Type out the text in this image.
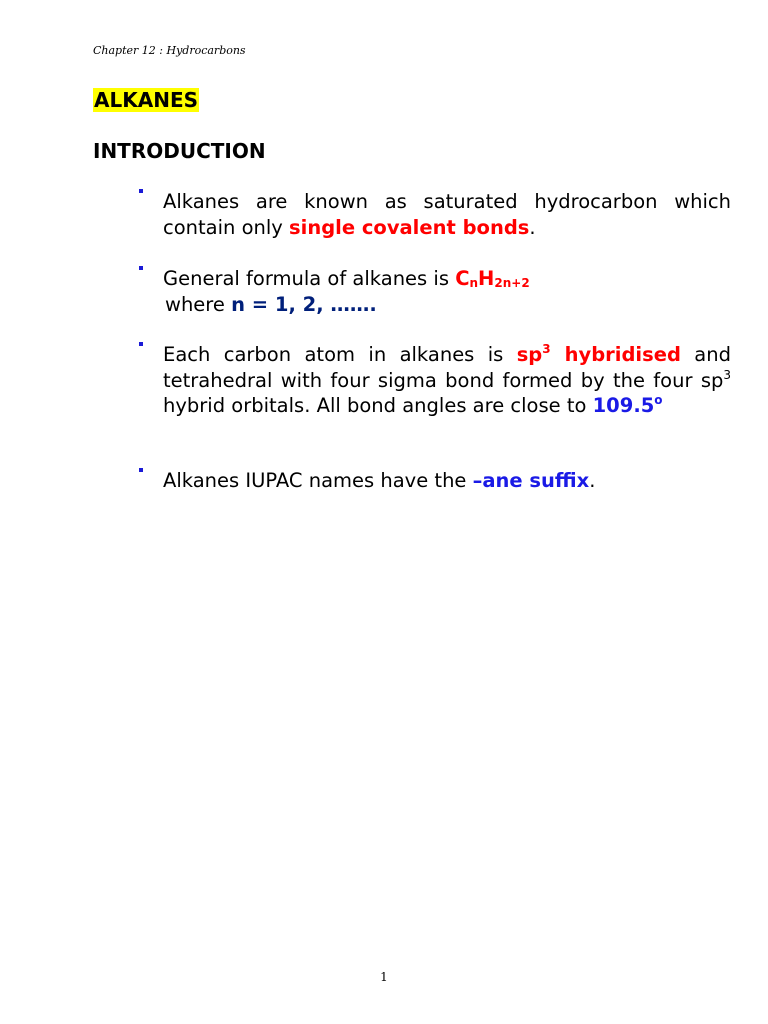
Chapter 12 : Hydrocarbons
ALKANES
INTRODUCTION
Alkanes are known as saturated hydrocarbon which contain only single covalent bonds.
General formula of alkanes is $C_nH_{2n+2}$
where n = 1, 2, …….
Each carbon atom in alkanes is $sp^3$ hybridised and tetrahedral with four sigma bond formed by the four $sp^3$ hybrid orbitals. All bond angles are close to 109.5$^o$
Alkanes IUPAC names have the –ane suffix.
1
